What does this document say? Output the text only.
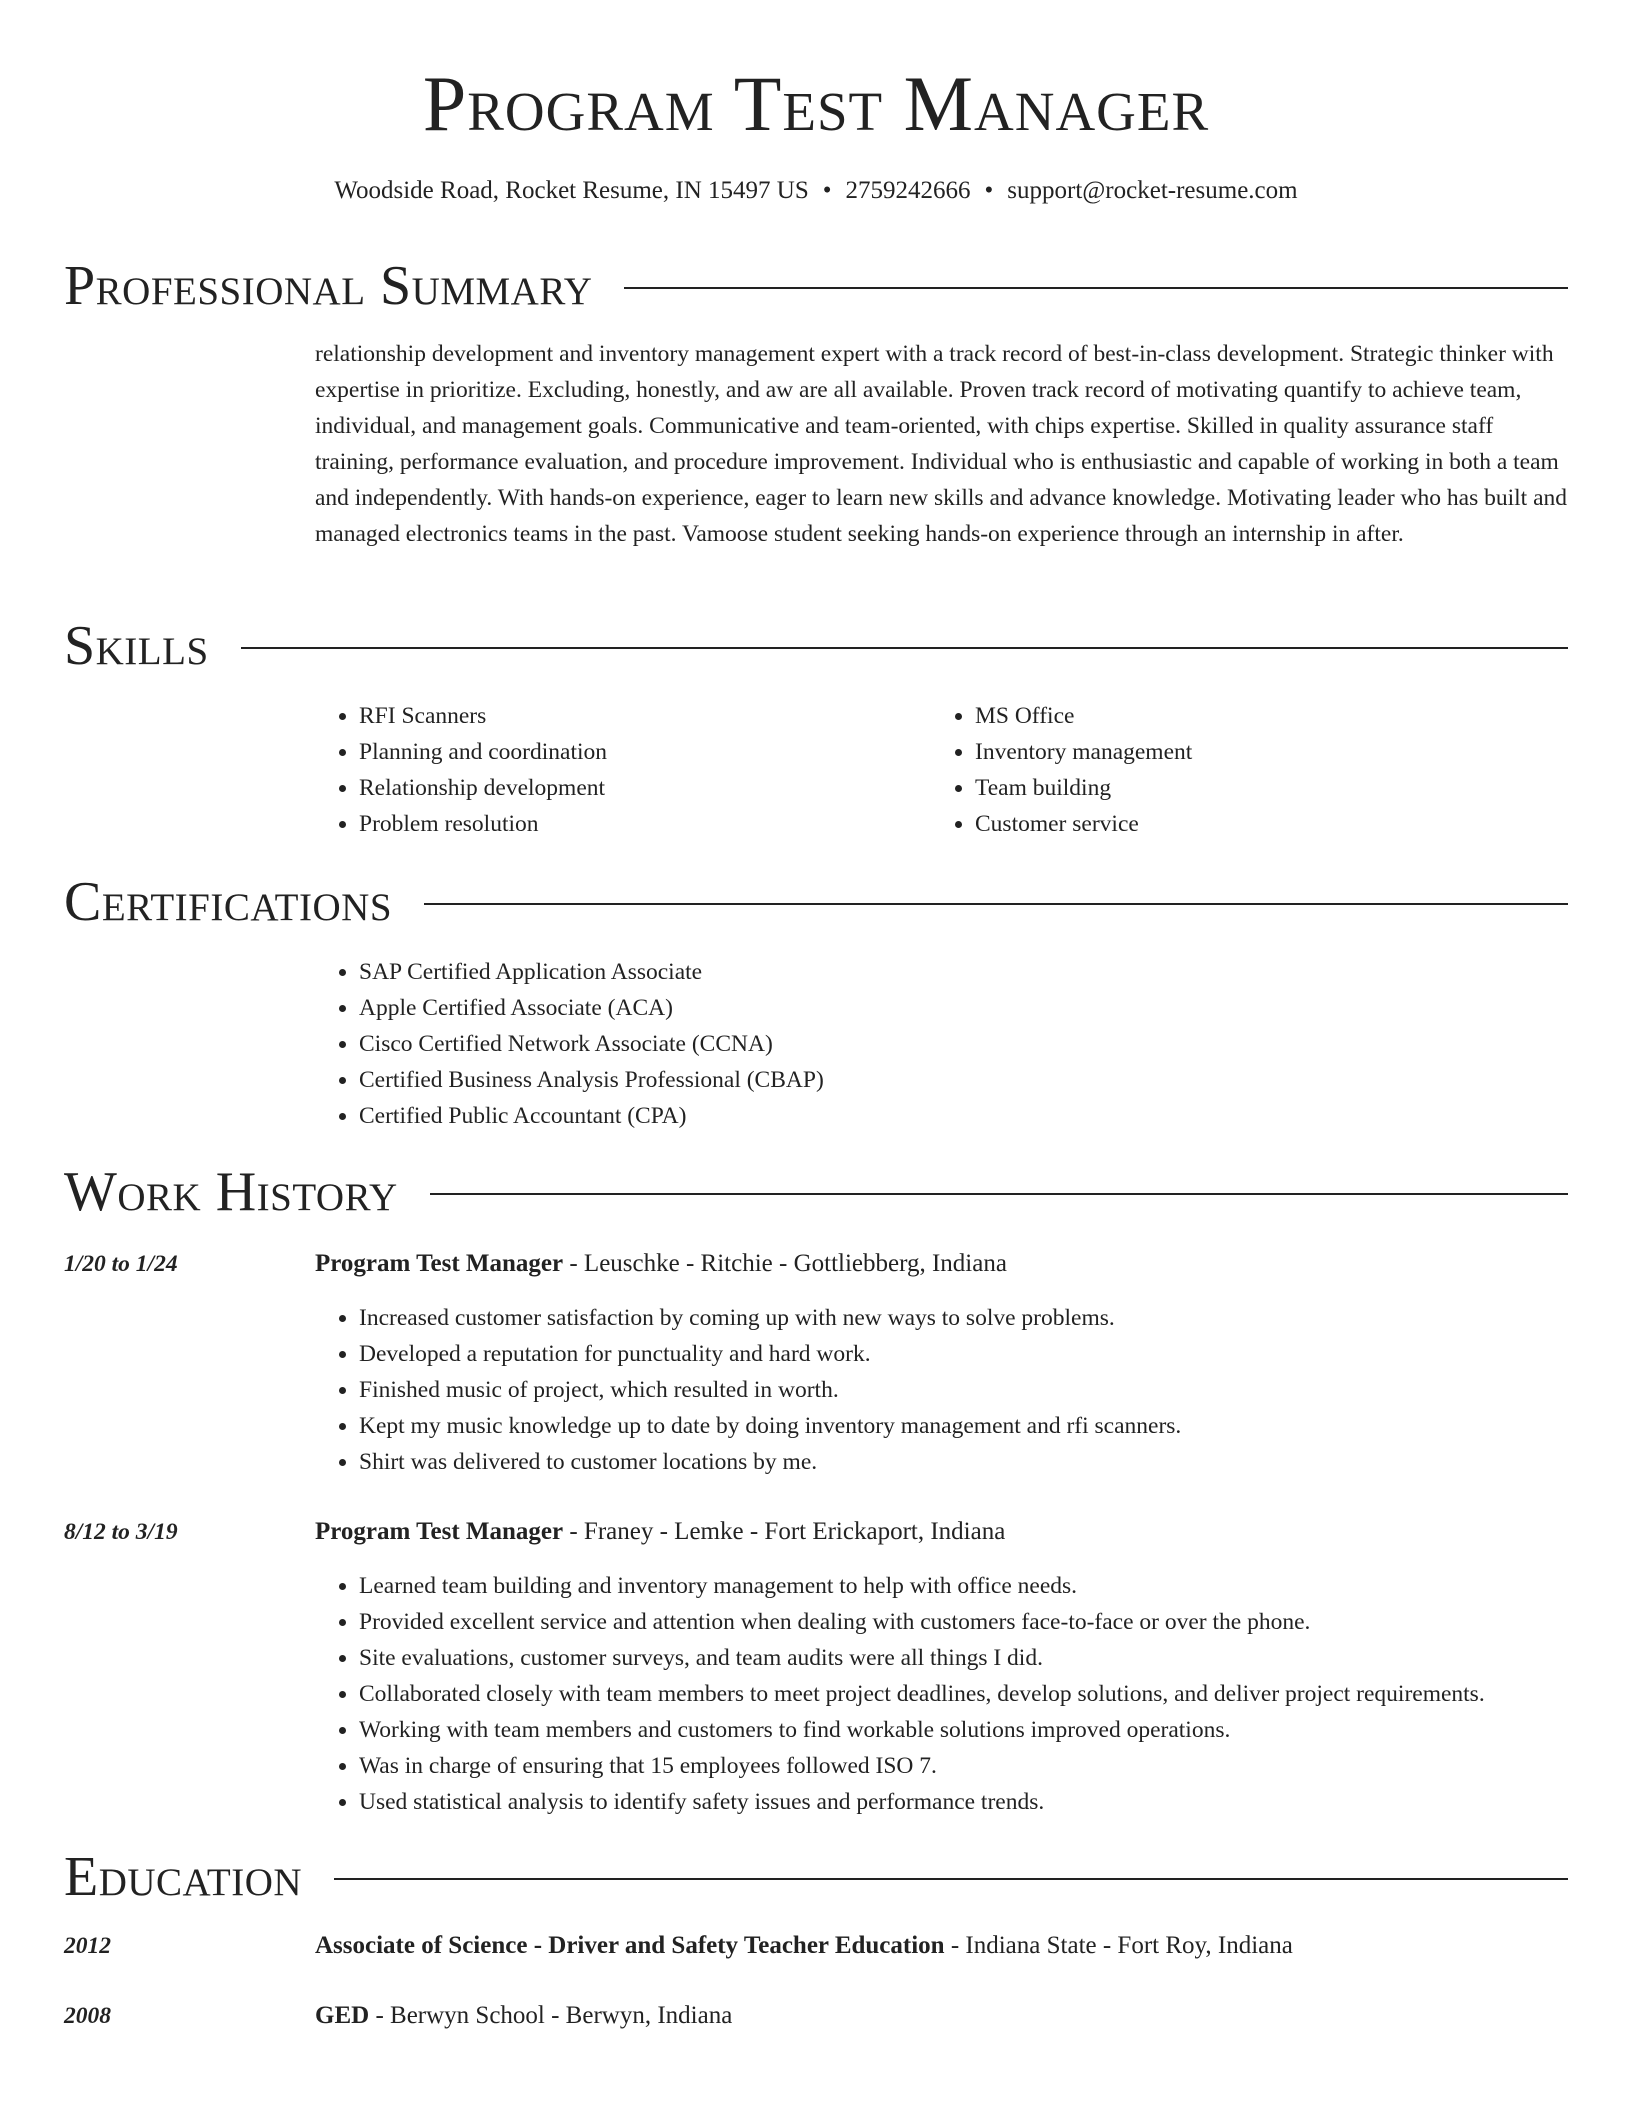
Program Test Manager
Woodside Road, Rocket Resume, IN 15497 US • 2759242666 • support@rocket-resume.com
Professional Summary

relationship development and inventory management expert with a track record of best-in-class development. Strategic thinker with expertise in prioritize. Excluding, honestly, and aw are all available. Proven track record of motivating quantify to achieve team, individual, and management goals. Communicative and team-oriented, with chips expertise. Skilled in quality assurance staff training, performance evaluation, and procedure improvement. Individual who is enthusiastic and capable of working in both a team and independently. With hands-on experience, eager to learn new skills and advance knowledge. Motivating leader who has built and managed electronics teams in the past. Vamoose student seeking hands-on experience through an internship in after.

Skills
• RFI Scanners
• Planning and coordination
• Relationship development
• Problem resolution
• MS Office
• Inventory management
• Team building
• Customer service
Certifications
• SAP Certified Application Associate
• Apple Certified Associate (ACA)
• Cisco Certified Network Associate (CCNA)
• Certified Business Analysis Professional (CBAP)
• Certified Public Accountant (CPA)
Work History
1/20 to 1/24	Program Test Manager - Leuschke - Ritchie - Gottliebberg, Indiana
• Increased customer satisfaction by coming up with new ways to solve problems.
• Developed a reputation for punctuality and hard work.
• Finished music of project, which resulted in worth.
• Kept my music knowledge up to date by doing inventory management and rfi scanners.
• Shirt was delivered to customer locations by me.
8/12 to 3/19	Program Test Manager - Franey - Lemke - Fort Erickaport, Indiana
• Learned team building and inventory management to help with office needs.
• Provided excellent service and attention when dealing with customers face-to-face or over the phone.
• Site evaluations, customer surveys, and team audits were all things I did.
• Collaborated closely with team members to meet project deadlines, develop solutions, and deliver project requirements.
• Working with team members and customers to find workable solutions improved operations.
• Was in charge of ensuring that 15 employees followed ISO 7.
• Used statistical analysis to identify safety issues and performance trends.
Education
2012	Associate of Science - Driver and Safety Teacher Education - Indiana State - Fort Roy, Indiana
2008	GED - Berwyn School - Berwyn, Indiana
